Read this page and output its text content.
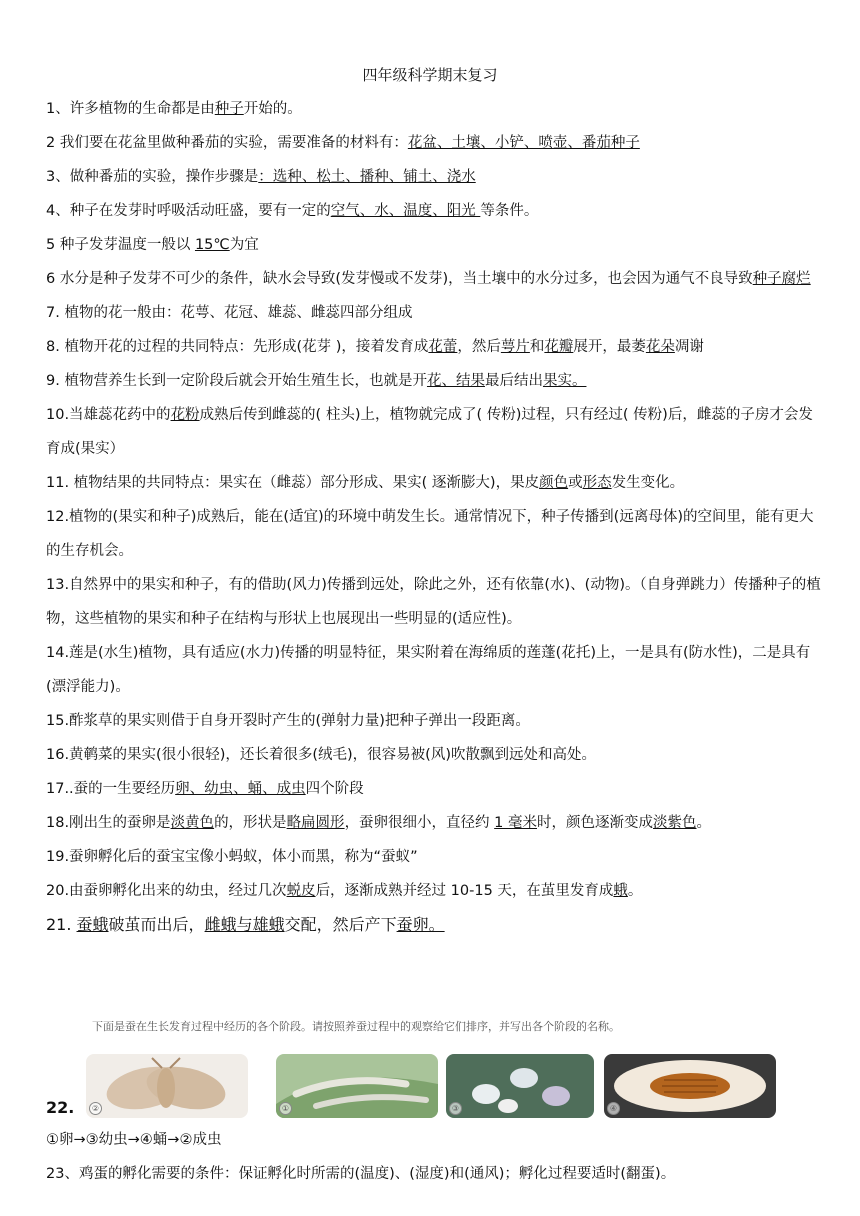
四年级科学期末复习

1、许多植物的生命都是由种子开始的。

2 我们要在花盆里做种番茄的实验，需要准备的材料有：花盆、土壤、小铲、喷壶、番茄种子

3、做种番茄的实验，操作步骤是：选种、松土、播种、铺土、浇水

4、种子在发芽时呼吸活动旺盛，要有一定的空气、水、温度、阳光 等条件。

5 种子发芽温度一般以 15℃为宜

6 水分是种子发芽不可少的条件，缺水会导致(发芽慢或不发芽)，当土壤中的水分过多，也会因为通气不良导致种子腐烂

7. 植物的花一般由：花萼、花冠、雄蕊、雌蕊四部分组成

8. 植物开花的过程的共同特点：先形成(花芽 )，接着发育成花蕾，然后萼片和花瓣展开，最萎花朵凋谢

9. 植物营养生长到一定阶段后就会开始生殖生长，也就是开花、结果最后结出果实。

10.当雄蕊花药中的花粉成熟后传到雌蕊的( 柱头)上，植物就完成了( 传粉)过程，只有经过( 传粉)后，雌蕊的子房才会发育成(果实）

11. 植物结果的共同特点：果实在（雌蕊）部分形成、果实( 逐渐膨大)，果皮颜色或形态发生变化。

12.植物的(果实和种子)成熟后，能在(适宜)的环境中萌发生长。通常情况下，种子传播到(远离母体)的空间里，能有更大的生存机会。

13.自然界中的果实和种子，有的借助(风力)传播到远处，除此之外，还有依靠(水)、(动物)。（自身弹跳力）传播种子的植物，这些植物的果实和种子在结构与形状上也展现出一些明显的(适应性)。

14.莲是(水生)植物，具有适应(水力)传播的明显特征，果实附着在海绵质的莲蓬(花托)上，一是具有(防水性)，二是具有(漂浮能力)。

15.酢浆草的果实则借于自身开裂时产生的(弹射力量)把种子弹出一段距离。

16.黄鹌菜的果实(很小很轻)，还长着很多(绒毛)，很容易被(风)吹散飘到远处和高处。

17..蚕的一生要经历卵、幼虫、蛹、成虫四个阶段

18.刚出生的蚕卵是淡黄色的，形状是略扁圆形，蚕卵很细小，直径约 1 毫米时，颜色逐渐变成淡紫色。

19.蚕卵孵化后的蚕宝宝像小蚂蚁，体小而黑，称为“蚕蚁”

20.由蚕卵孵化出来的幼虫，经过几次蜕皮后，逐渐成熟并经过 10-15 天，在茧里发育成蛾。

21. 蚕蛾破茧而出后，雌蛾与雄蛾交配，然后产下蚕卵。

下面是蚕在生长发育过程中经历的各个阶段。请按照养蚕过程中的观察给它们排序，并写出各个阶段的名称。
②	①	③	④
22.
①卵→③幼虫→④蛹→②成虫
23、鸡蛋的孵化需要的条件：保证孵化时所需的(温度)、(湿度)和(通风)；孵化过程要适时(翻蛋)。
